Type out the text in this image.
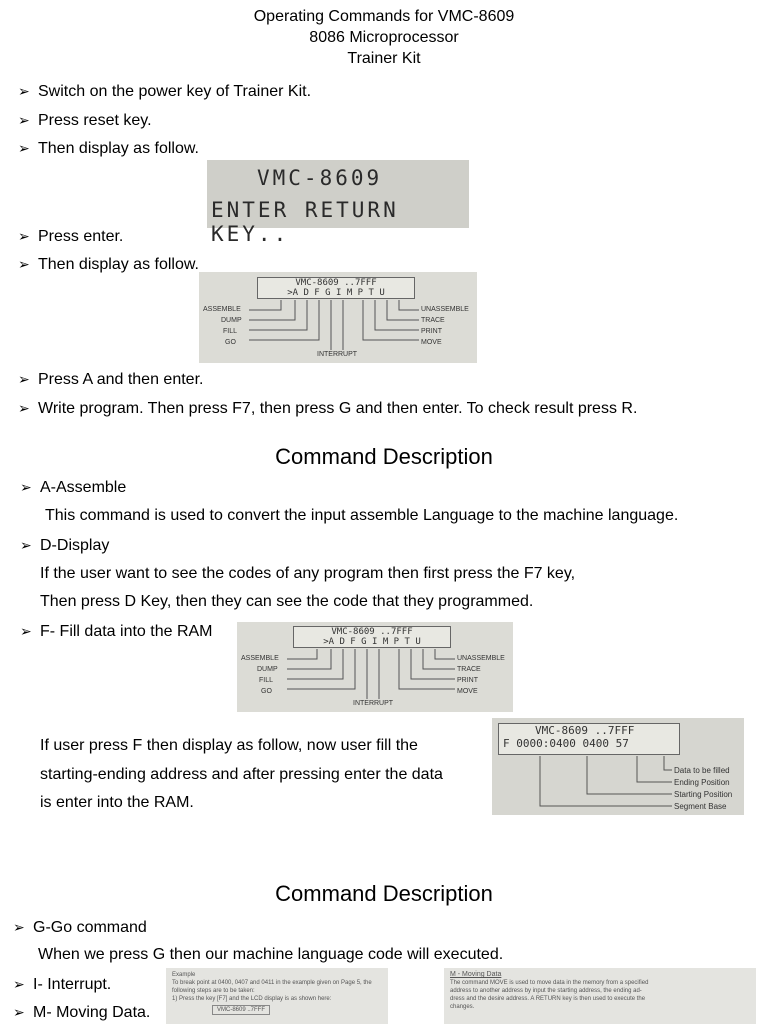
Operating Commands for VMC-8609
8086 Microprocessor
Trainer Kit
➢ Switch on the power key of Trainer Kit.
➢ Press reset key.
➢ Then display as follow.
VMC-8609
ENTER RETURN KEY..
➢ Press enter.
➢ Then display as follow.
VMC-8609 ..7FFF
>A D F G I M P T U
ASSEMBLE
DUMP
FILL
GO
UNASSEMBLE
TRACE
PRINT
MOVE
INTERRUPT
➢ Press A and then enter.
➢ Write program. Then press F7, then press G and then enter. To check result press R.
Command Description
➢ A-Assemble
This command is used to convert the input assemble Language to the machine language.
➢ D-Display
If the user want to see the codes of any program then first press the F7 key,
Then press D Key, then they can see the code that they programmed.
➢ F- Fill data into the RAM	VMC-8609 ..7FFF
>A D F G I M P T U
ASSEMBLE
DUMP
FILL
GO
UNASSEMBLE
TRACE
PRINT
MOVE
INTERRUPT
If user press F then display as follow, now user fill the
starting-ending address and after pressing enter the data
is enter into the RAM.
VMC-8609 ..7FFF
F 0000:0400 0400 57
Data to be filled
Ending Position
Starting Position
Segment Base
Command Description
➢ G-Go command
When we press G then our machine language code will executed.
➢ I- Interrupt.
➢ M- Moving Data.
Example
To break point at 0400, 0407 and 0411 in the example given on Page 5, the
following steps are to be taken:
1) Press the key [F7] and the LCD display is as shown here:
VMC-8609 ..7FFF
M - Moving Data
The command MOVE is used to move data in the memory from a specified
address to another address by input the starting address, the ending ad-
dress and the desire address. A RETURN key is then used to execute the
changes.
